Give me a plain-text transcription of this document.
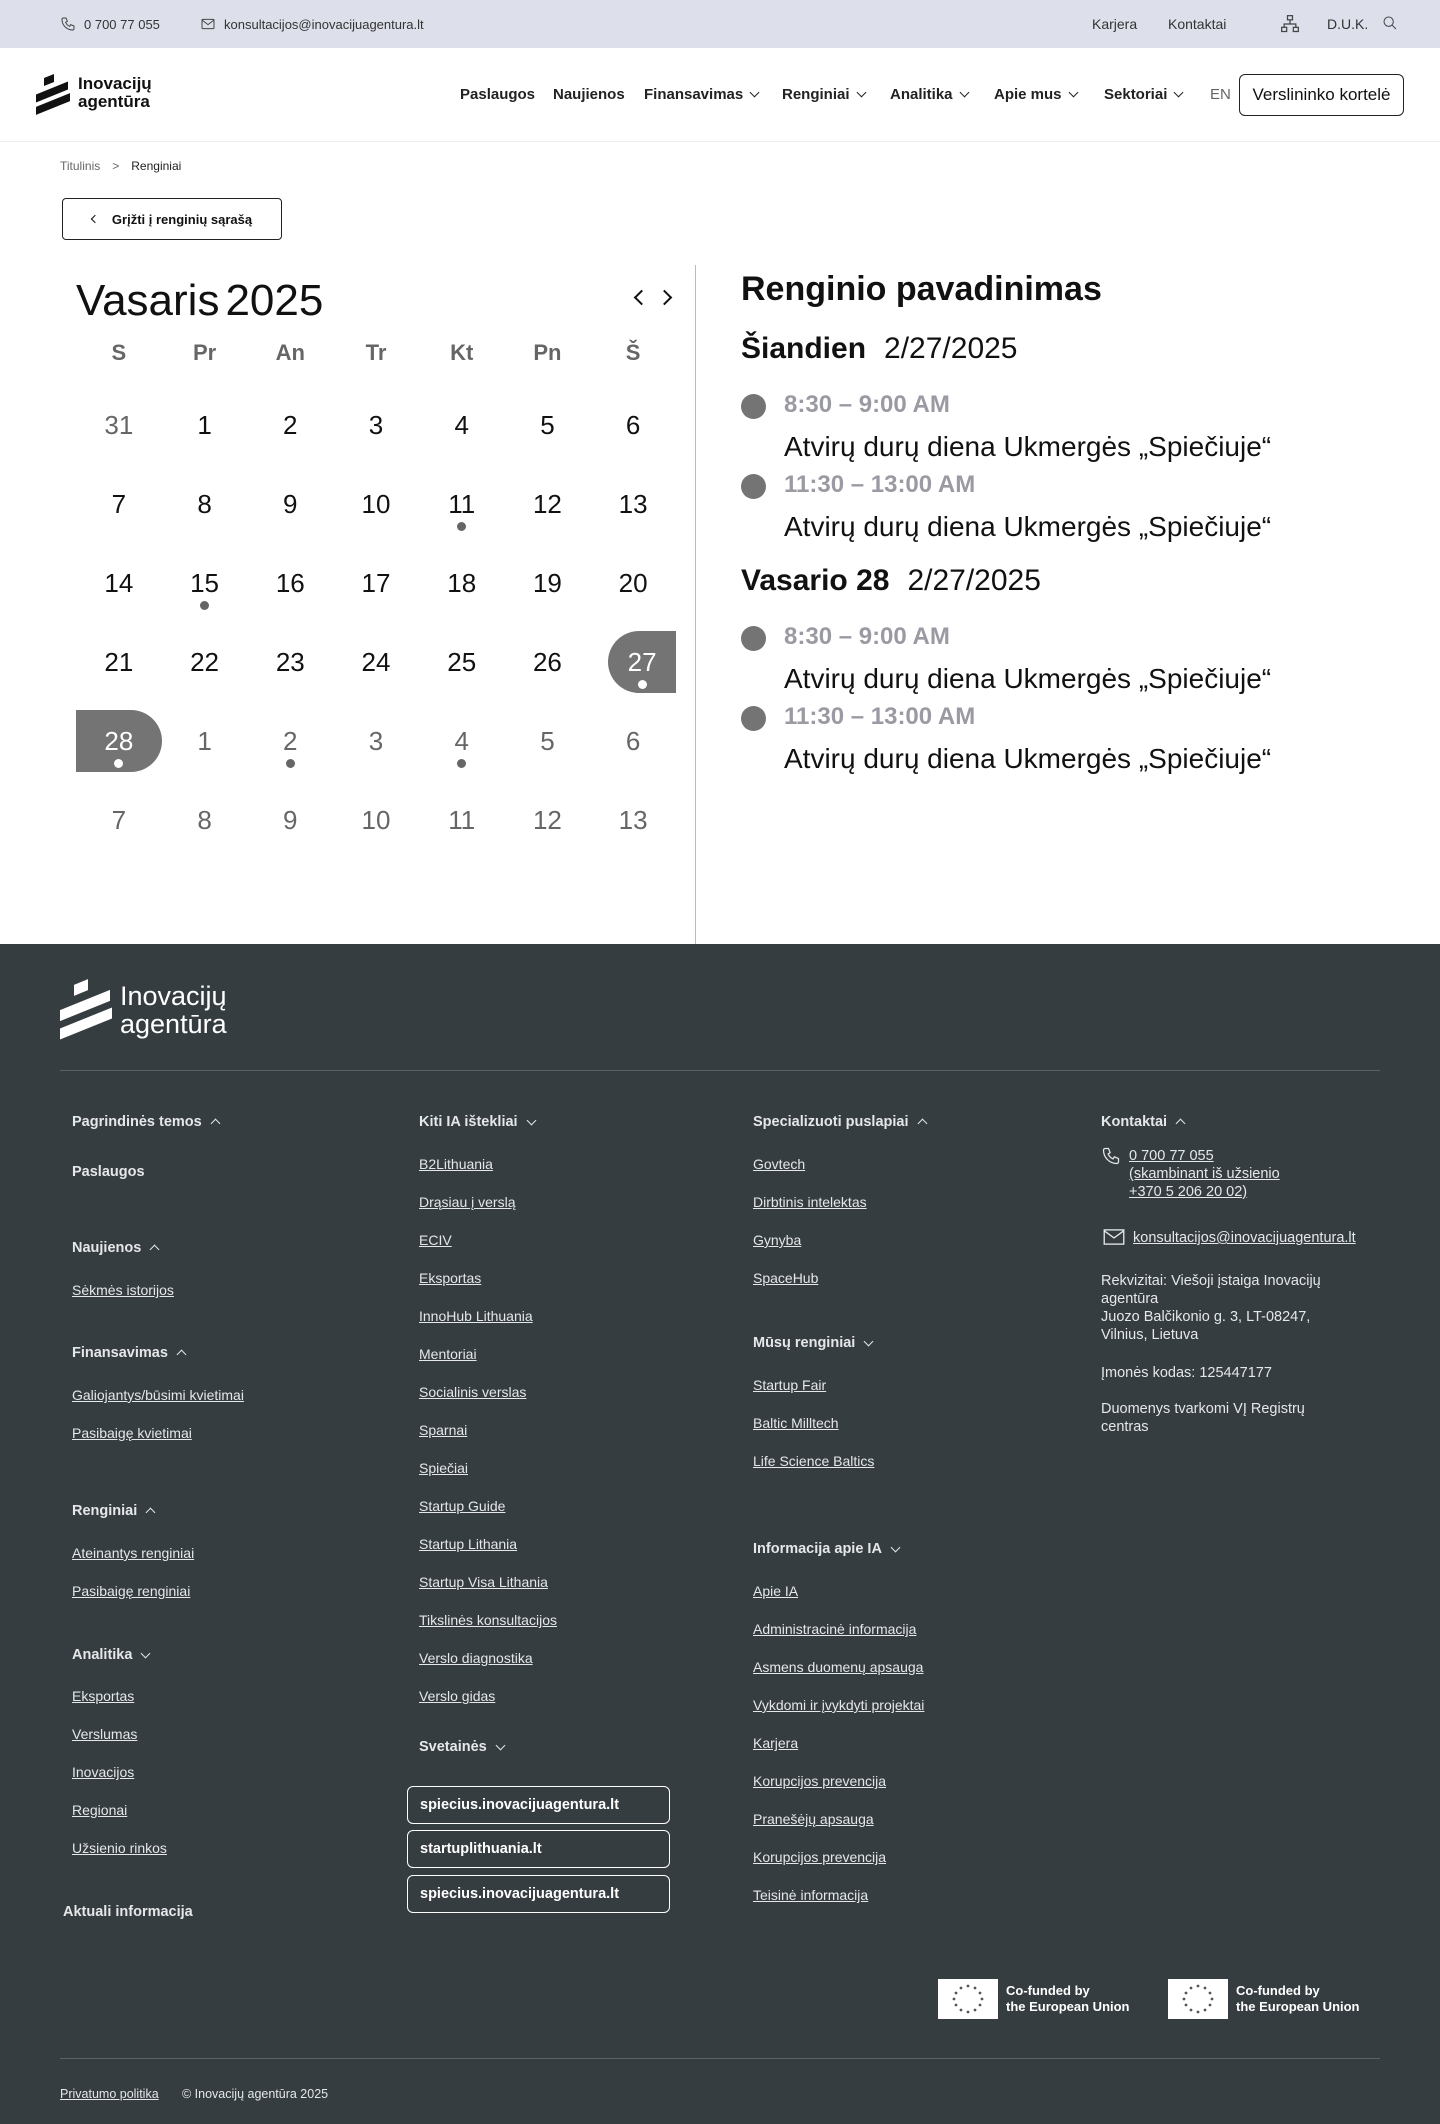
0 700 77 055	konsultacijos@inovacijuagentura.lt	Karjera Kontaktai	D.U.K.
Inovacijų
agentūra	Paslaugos Naujienos Finansavimas	Renginiai	Analitika	Apie mus	Sektoriai	EN	Verslininko kortelė
Titulinis > Renginiai
Grįžti į renginių sąrašą
Vasaris 2025
S	Pr	An	Tr	Kt	Pn	Š
31 1	2	3	4	5	6
7	8	9 10 11 12 13
14 15 16 17 18 19 20
21 22 23 24 25 26	27
28 1	2	3	4	5	6
7	8	9 10 11 12 13
Renginio pavadinimas
Šiandien 2/27/2025
8:30 – 9:00 AM
Atvirų durų diena Ukmergės „Spiečiuje“
11:30 – 13:00 AM
Atvirų durų diena Ukmergės „Spiečiuje“
Vasario 28 2/27/2025
8:30 – 9:00 AM
Atvirų durų diena Ukmergės „Spiečiuje“
11:30 – 13:00 AM
Atvirų durų diena Ukmergės „Spiečiuje“
Inovacijų
agentūra
Pagrindinės temos
Paslaugos
Naujienos
Sėkmės istorijos
Finansavimas
Galiojantys/būsimi kvietimai
Pasibaigę kvietimai
Renginiai
Ateinantys renginiai
Pasibaigę renginiai
Analitika
Eksportas
Verslumas
Inovacijos
Regionai
Užsienio rinkos
Aktuali informacija
Kiti IA ištekliai
B2Lithuania
Drąsiau į verslą
ECIV
Eksportas
InnoHub Lithuania
Mentoriai
Socialinis verslas
Sparnai
Spiečiai
Startup Guide
Startup Lithania
Startup Visa Lithania
Tikslinės konsultacijos
Verslo diagnostika
Verslo gidas
Svetainės
spiecius.inovacijuagentura.lt
startuplithuania.lt
spiecius.inovacijuagentura.lt
Specializuoti puslapiai
Govtech
Dirbtinis intelektas
Gynyba
SpaceHub
Mūsų renginiai
Startup Fair
Baltic Milltech
Life Science Baltics
Informacija apie IA
Apie IA
Administracinė informacija
Asmens duomenų apsauga
Vykdomi ir įvykdyti projektai
Karjera
Korupcijos prevencija
Pranešėjų apsauga
Korupcijos prevencija
Teisinė informacija
Kontaktai
0 700 77 055
(skambinant iš užsienio
+370 5 206 20 02)
konsultacijos@inovacijuagentura.lt
Rekvizitai: Viešoji įstaiga Inovacijų agentūra
Juozo Balčikonio g. 3, LT-08247, Vilnius, Lietuva
Įmonės kodas: 125447177
Duomenys tvarkomi VĮ Registrų centras
Co-funded by
the European Union
Co-funded by
the European Union
Privatumo politika © Inovacijų agentūra 2025
